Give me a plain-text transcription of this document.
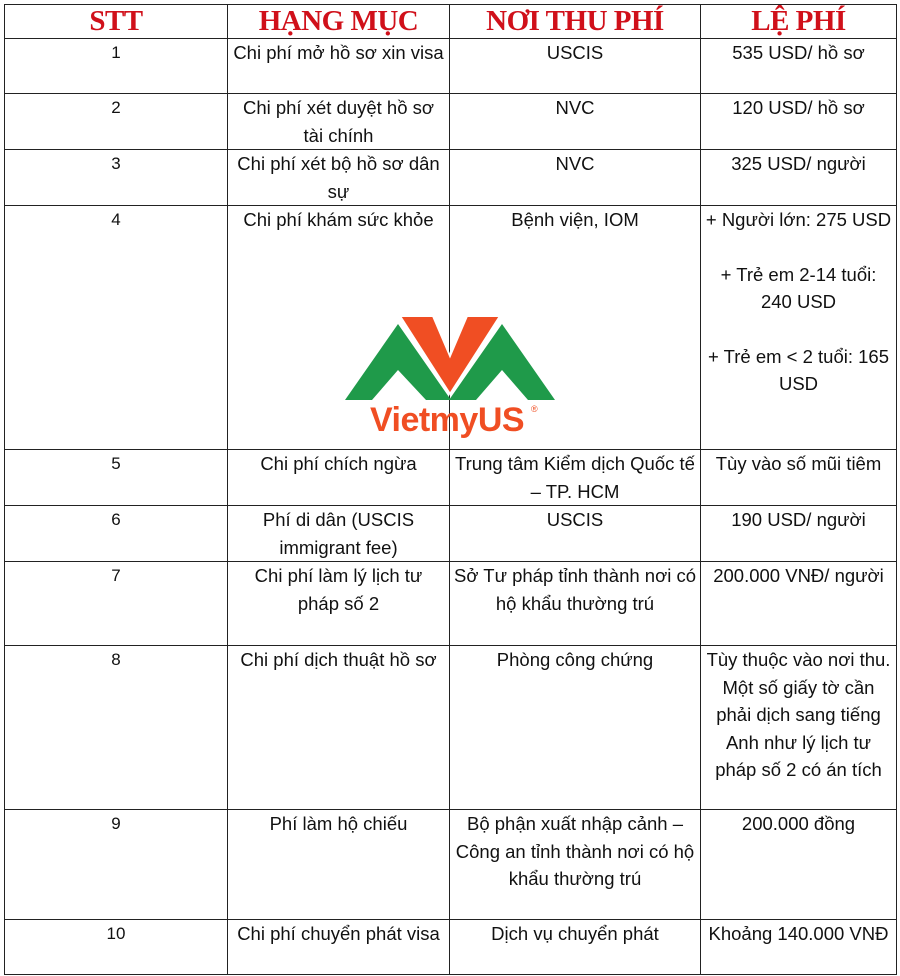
STT	HẠNG MỤC	NƠI THU PHÍ	LỆ PHÍ
1	Chi phí mở hồ sơ xin visa	USCIS	535 USD/ hồ sơ

2	Chi phí xét duyệt hồ sơ tài chính	NVC	120 USD/ hồ sơ

3	Chi phí xét bộ hồ sơ dân sự	NVC	325 USD/ người

4	Chi phí khám sức khỏe	Bệnh viện, IOM	+ Người lớn: 275 USD
+ Trẻ em 2-14 tuổi: 240 USD
+ Trẻ em < 2 tuổi: 165 USD

5	Chi phí chích ngừa	Trung tâm Kiểm dịch Quốc tế – TP. HCM	Tùy vào số mũi tiêm

6	Phí di dân (USCIS immigrant fee)	USCIS	190 USD/ người

7	Chi phí làm lý lịch tư pháp số 2	Sở Tư pháp tỉnh thành nơi có hộ khẩu thường trú	200.000 VNĐ/ người

8	Chi phí dịch thuật hồ sơ	Phòng công chứng	Tùy thuộc vào nơi thu. Một số giấy tờ cần phải dịch sang tiếng Anh như lý lịch tư pháp số 2 có án tích

9	Phí làm hộ chiếu	Bộ phận xuất nhập cảnh – Công an tỉnh thành nơi có hộ khẩu thường trú	200.000 đồng

10	Chi phí chuyển phát visa	Dịch vụ chuyển phát	Khoảng 140.000 VNĐ
VietmyUS ®
